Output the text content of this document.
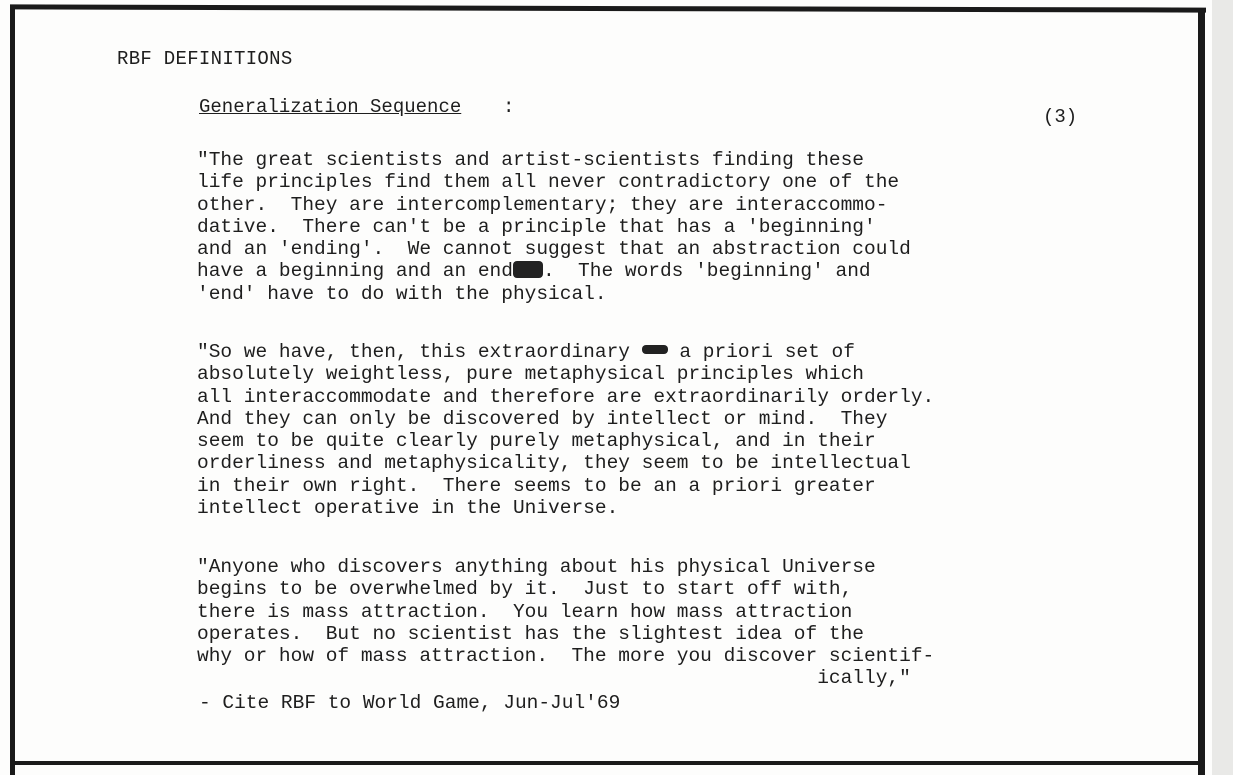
RBF DEFINITIONS
Generalization Sequence :	(3)
"The great scientists and artist-scientists finding these
life principles find them all never contradictory one of the
other.  They are intercomplementary; they are interaccommo-
dative.  There can't be a principle that has a 'beginning'
and an 'ending'.  We cannot suggest that an abstraction could
have a beginning and an end .  The words 'beginning' and
'end' have to do with the physical.
"So we have, then, this extraordinary  a priori set of
absolutely weightless, pure metaphysical principles which
all interaccommodate and therefore are extraordinarily orderly.
And they can only be discovered by intellect or mind.  They
seem to be quite clearly purely metaphysical, and in their
orderliness and metaphysicality, they seem to be intellectual
in their own right.  There seems to be an a priori greater
intellect operative in the Universe.
"Anyone who discovers anything about his physical Universe
begins to be overwhelmed by it.  Just to start off with,
there is mass attraction.  You learn how mass attraction
operates.  But no scientist has the slightest idea of the
why or how of mass attraction.  The more you discover scientif-
ically,"
- Cite RBF to World Game, Jun-Jul'69
